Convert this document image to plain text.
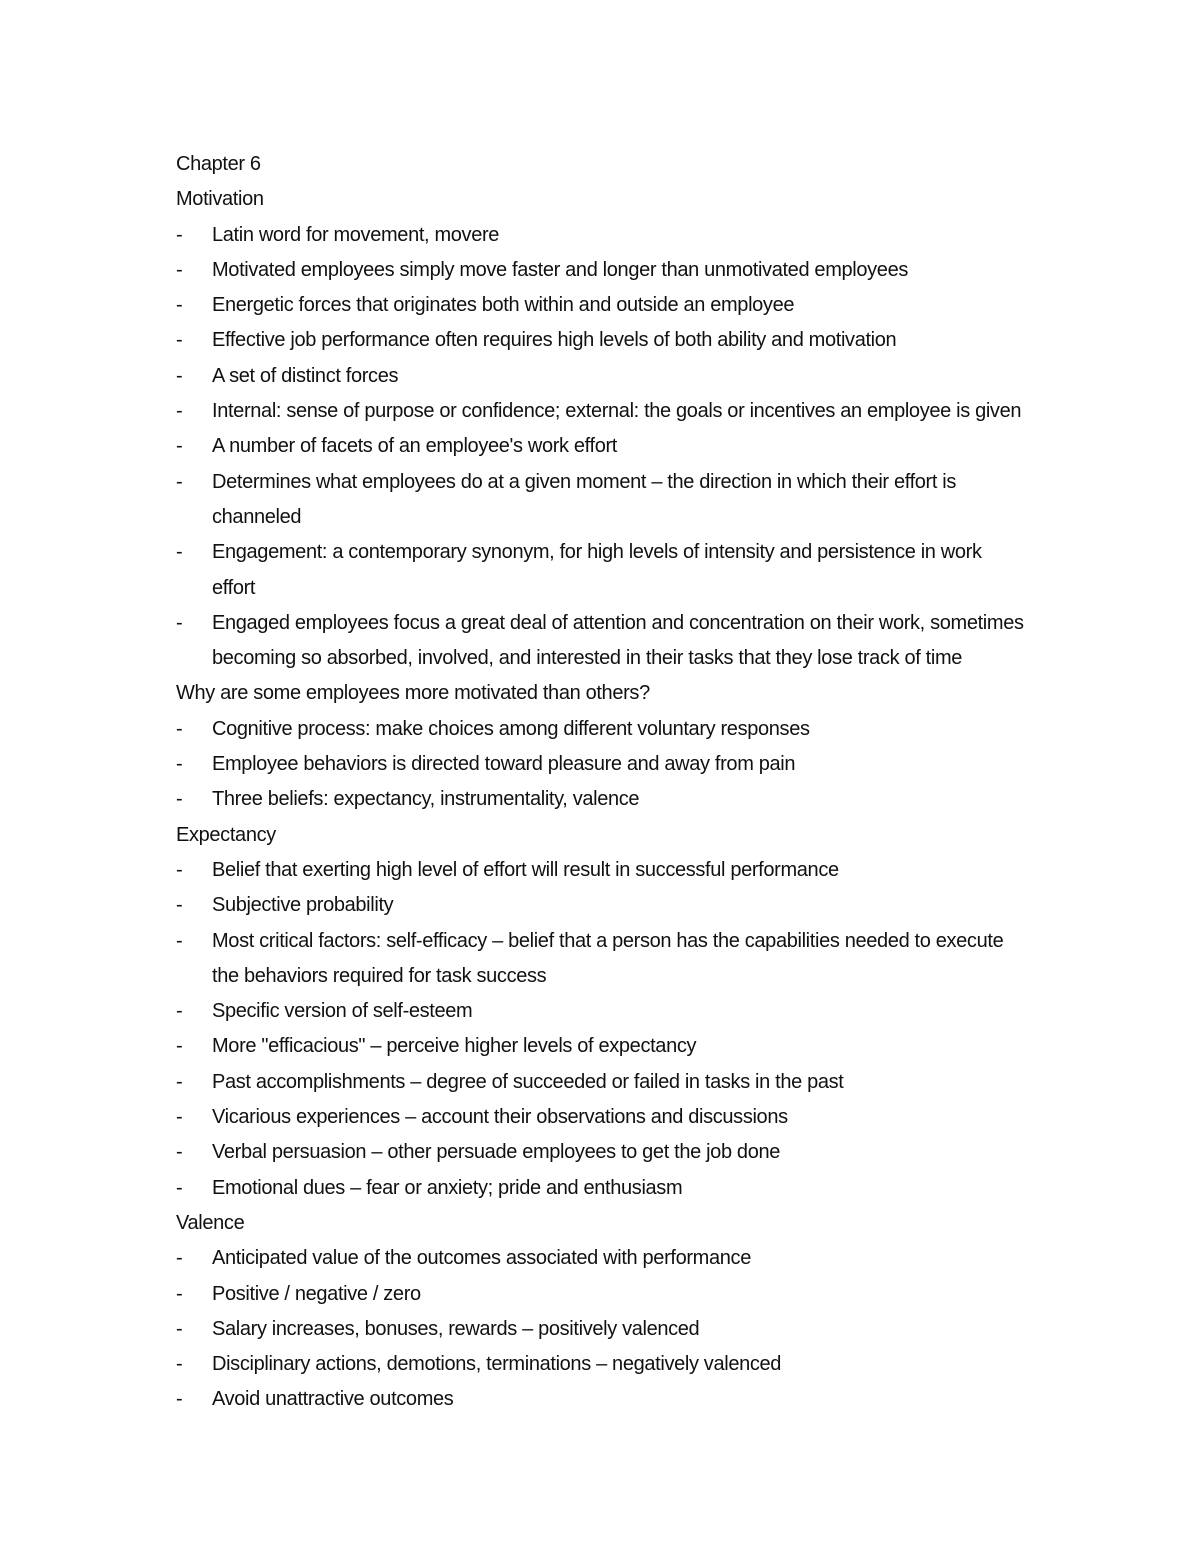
Chapter 6

Motivation

- Latin word for movement, movere
- Motivated employees simply move faster and longer than unmotivated employees
- Energetic forces that originates both within and outside an employee
- Effective job performance often requires high levels of both ability and motivation
- A set of distinct forces
- Internal: sense of purpose or confidence; external: the goals or incentives an employee is given
- A number of facets of an employee's work effort
- Determines what employees do at a given moment – the direction in which their effort is channeled
- Engagement: a contemporary synonym, for high levels of intensity and persistence in work effort
- Engaged employees focus a great deal of attention and concentration on their work, sometimes becoming so absorbed, involved, and interested in their tasks that they lose track of time

Why are some employees more motivated than others?

- Cognitive process: make choices among different voluntary responses
- Employee behaviors is directed toward pleasure and away from pain
- Three beliefs: expectancy, instrumentality, valence

Expectancy

- Belief that exerting high level of effort will result in successful performance
- Subjective probability
- Most critical factors: self-efficacy – belief that a person has the capabilities needed to execute the behaviors required for task success
- Specific version of self-esteem
- More "efficacious" – perceive higher levels of expectancy
- Past accomplishments – degree of succeeded or failed in tasks in the past
- Vicarious experiences – account their observations and discussions
- Verbal persuasion – other persuade employees to get the job done
- Emotional dues – fear or anxiety; pride and enthusiasm

Valence

- Anticipated value of the outcomes associated with performance
- Positive / negative / zero
- Salary increases, bonuses, rewards – positively valenced
- Disciplinary actions, demotions, terminations – negatively valenced
- Avoid unattractive outcomes
